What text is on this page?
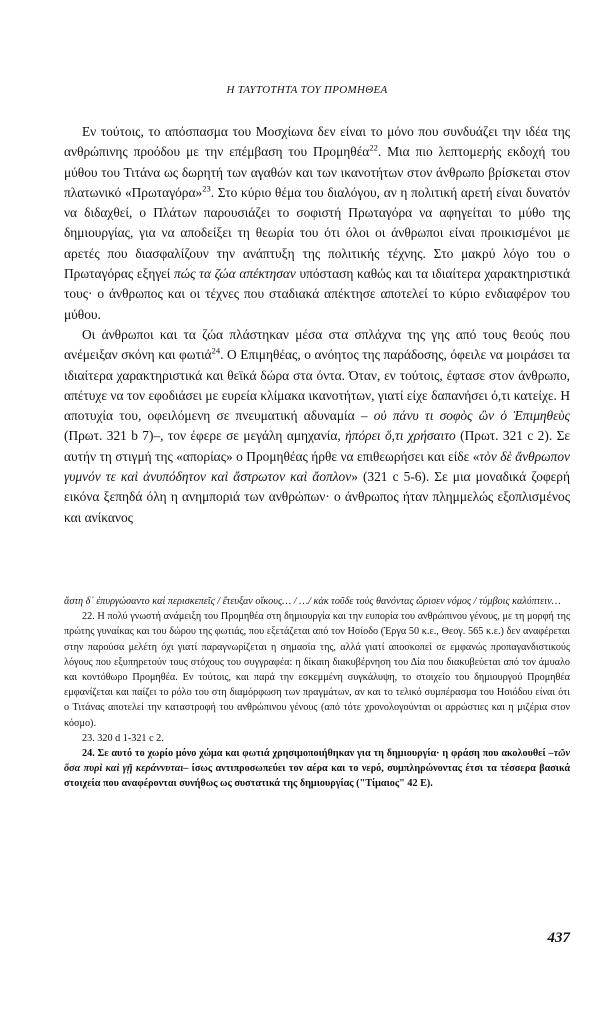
Η ΤΑΥΤΟΤΗΤΑ ΤΟΥ ΠΡΟΜΗΘΕΑ

Εν τούτοις, το απόσπασμα του Μοσχίωνα δεν είναι το μόνο που συνδυάζει την ιδέα της ανθρώπινης προόδου με την επέμβαση του Προμηθέα$^{22}$. Μια πιο λεπτομερής εκδοχή του μύθου του Τιτάνα ως δωρητή των αγαθών και των ικανοτήτων στον άνθρωπο βρίσκεται στον πλατωνικό «Πρωταγόρα»$^{23}$. Στο κύριο θέμα του διαλόγου, αν η πολιτική αρετή είναι δυνατόν να διδαχθεί, ο Πλάτων παρουσιάζει το σοφιστή Πρωταγόρα να αφηγείται το μύθο της δημιουργίας, για να αποδείξει τη θεωρία του ότι όλοι οι άνθρωποι είναι προικισμένοι με αρετές που διασφαλίζουν την ανάπτυξη της πολιτικής τέχνης. Στο μακρύ λόγο του ο Πρωταγόρας εξηγεί πώς τα ζώα απέκτησαν υπόσταση καθώς και τα ιδιαίτερα χαρακτηριστικά τους· ο άνθρωπος και οι τέχνες που σταδιακά απέκτησε αποτελεί το κύριο ενδιαφέρον του μύθου.

Οι άνθρωποι και τα ζώα πλάστηκαν μέσα στα σπλάχνα της γης από τους θεούς που ανέμειξαν σκόνη και φωτιά$^{24}$. Ο Επιμηθέας, ο ανόητος της παράδοσης, όφειλε να μοιράσει τα ιδιαίτερα χαρακτηριστικά και θεϊκά δώρα στα όντα. Όταν, εν τούτοις, έφτασε στον άνθρωπο, απέτυχε να τον εφοδιάσει με ευρεία κλίμακα ικανοτήτων, γιατί είχε δαπανήσει ό,τι κατείχε. Η αποτυχία του, οφειλόμενη σε πνευματική αδυναμία – οὐ πάνυ τι σοφὸς ὢν ὁ Ἐπιμηθεὺς (Πρωτ. 321 b 7)–, τον έφερε σε μεγάλη αμηχανία, ἠπόρει ὅ,τι χρήσαιτο (Πρωτ. 321 c 2). Σε αυτήν τη στιγμή της «απορίας» ο Προμηθέας ήρθε να επιθεωρήσει και είδε «τὸν δὲ ἄνθρωπον γυμνόν τε καὶ ἀνυπόδητον καὶ ἄστρωτον καὶ ἄοπλον» (321 c 5-6). Σε μια μοναδικά ζοφερή εικόνα ξεπηδά όλη η ανημποριά των ανθρώπων· ο άνθρωπος ήταν πλημμελώς εξοπλισμένος και ανίκανος

ἄστη δ᾽ ἐπυργώσαντο καὶ περισκεπεῖς / ἔτευξαν οἴκους… / …/ κἀκ τοῦδε τοὺς θανόντας ὥρισεν νόμος / τύμβοις καλύπτειν…

22. Η πολύ γνωστή ανάμειξη του Προμηθέα στη δημιουργία και την ευπορία του ανθρώπινου γένους, με τη μορφή της πρώτης γυναίκας και του δώρου της φωτιάς, που εξετάζεται από τον Ησίοδο (Έργα 50 κ.ε., Θεογ. 565 κ.ε.) δεν αναφέρεται στην παρούσα μελέτη όχι γιατί παραγνωρίζεται η σημασία της, αλλά γιατί αποσκοπεί σε εμφανώς προπαγανδιστικούς λόγους που εξυπηρετούν τους στόχους του συγγραφέα: η δίκαιη διακυβέρνηση του Δία που διακυβεύεται από τον άμυαλο και κοντόθωρο Προμηθέα. Εν τούτοις, και παρά την εσκεμμένη συγκάλυψη, το στοιχείο του δημιουργού Προμηθέα εμφανίζεται και παίζει το ρόλο του στη διαμόρφωση των πραγμάτων, αν και το τελικό συμπέρασμα του Ησιόδου είναι ότι ο Τιτάνας αποτελεί την καταστροφή του ανθρώπινου γένους (από τότε χρονολογούνται οι αρρώστιες και η μιζέρια στον κόσμο).

23. 320 d 1-321 c 2.

24. Σε αυτό το χωρίο μόνο χώμα και φωτιά χρησιμοποιήθηκαν για τη δημιουργία· η φράση που ακολουθεί –τῶν ὅσα πυρὶ καὶ γῇ κεράννυται– ίσως αντιπροσωπεύει τον αέρα και το νερό, συμπληρώνοντας έτσι τα τέσσερα βασικά στοιχεία που αναφέρονται συνήθως ως συστατικά της δημιουργίας ("Τίμαιος" 42 Ε).

437
